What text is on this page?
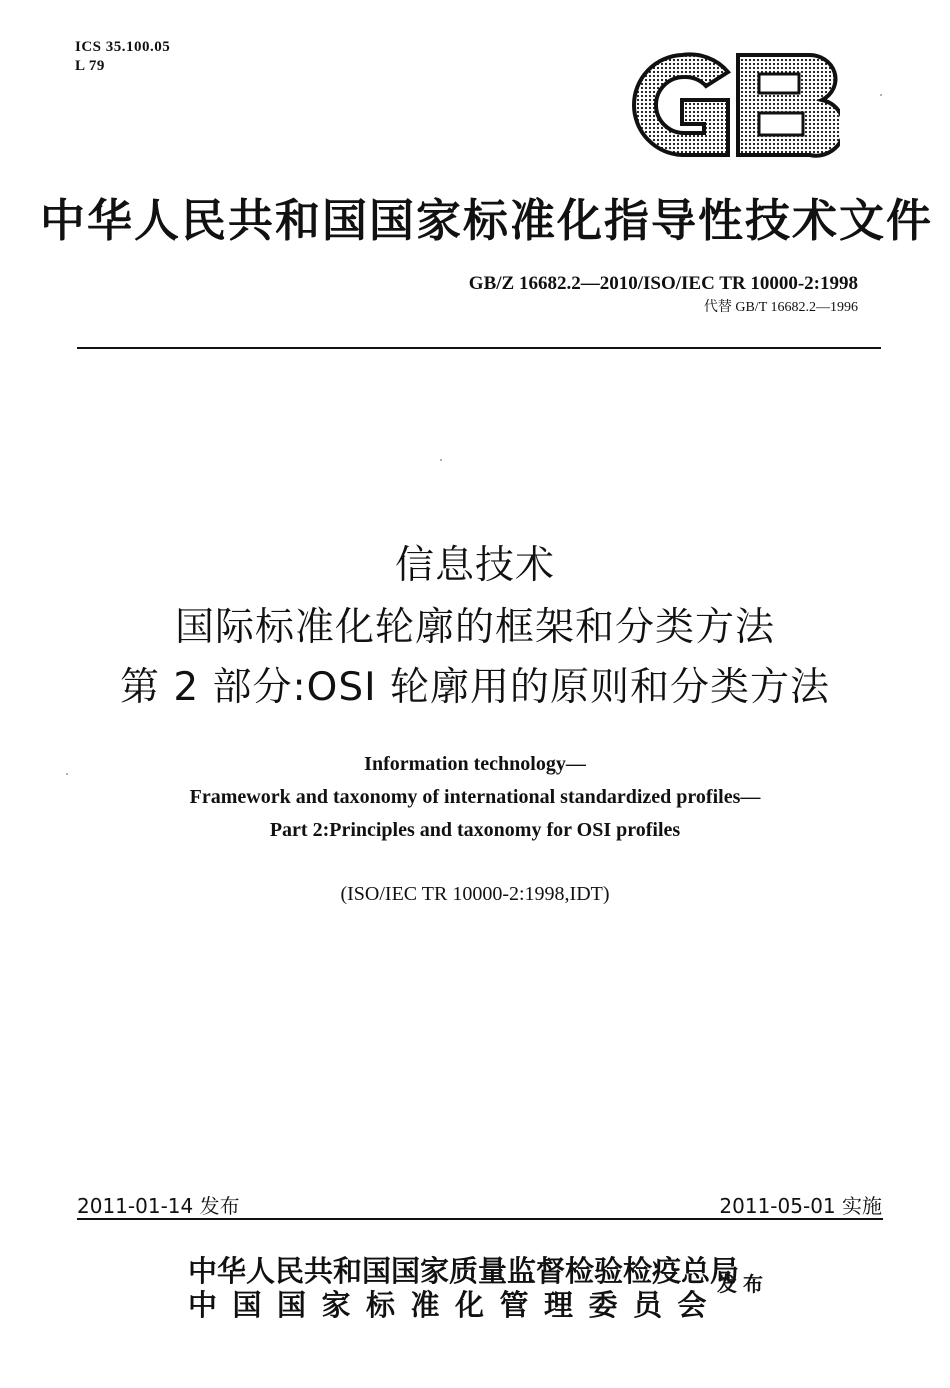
ICS 35.100.05
L 79
中华人民共和国国家标准化指导性技术文件
GB/Z 16682.2—2010/ISO/IEC TR 10000-2:1998
代替 GB/T 16682.2—1996
信息技术
国际标准化轮廓的框架和分类方法
第 2 部分:OSI 轮廓用的原则和分类方法
Information technology—
Framework and taxonomy of international standardized profiles—
Part 2:Principles and taxonomy for OSI profiles
(ISO/IEC TR 10000-2:1998,IDT)
2011-01-14 发布	2011-05-01 实施
中华人民共和国国家质量监督检验检疫总局
中国国家标准化管理委员会
发布
